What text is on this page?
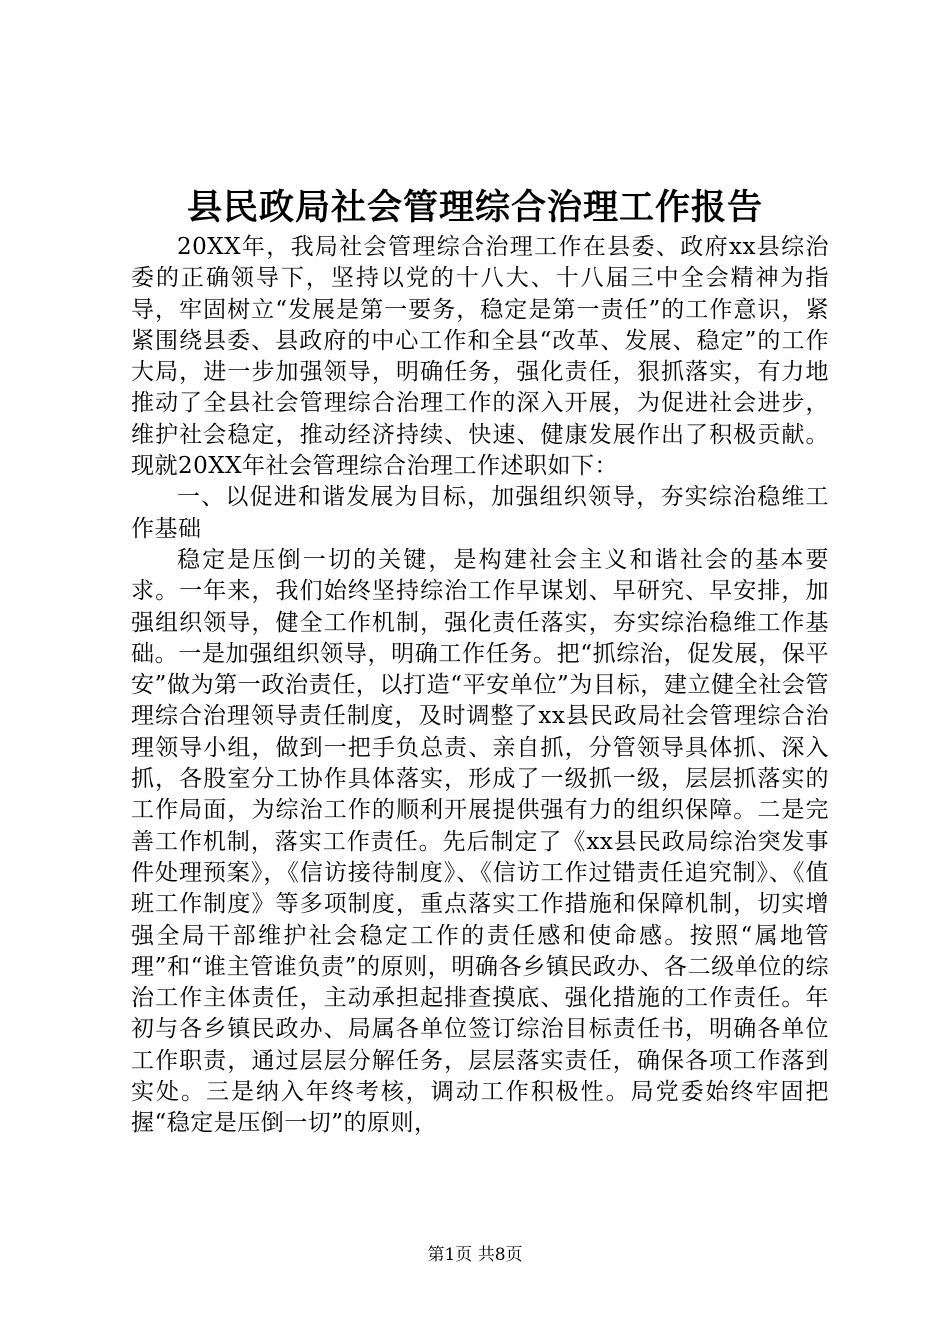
县民政局社会管理综合治理工作报告

20XX年，我局社会管理综合治理工作在县委、政府xx县综治委的正确领导下，坚持以党的十八大、十八届三中全会精神为指导，牢固树立“发展是第一要务，稳定是第一责任”的工作意识，紧紧围绕县委、县政府的中心工作和全县“改革、发展、稳定”的工作大局，进一步加强领导，明确任务，强化责任，狠抓落实，有力地推动了全县社会管理综合治理工作的深入开展，为促进社会进步，维护社会稳定，推动经济持续、快速、健康发展作出了积极贡献。现就20XX年社会管理综合治理工作述职如下：

一、以促进和谐发展为目标，加强组织领导，夯实综治稳维工作基础

稳定是压倒一切的关键，是构建社会主义和谐社会的基本要求。一年来，我们始终坚持综治工作早谋划、早研究、早安排，加强组织领导，健全工作机制，强化责任落实，夯实综治稳维工作基础。一是加强组织领导，明确工作任务。把“抓综治，促发展，保平安”做为第一政治责任，以打造“平安单位”为目标，建立健全社会管理综合治理领导责任制度，及时调整了xx县民政局社会管理综合治理领导小组，做到一把手负总责、亲自抓，分管领导具体抓、深入抓，各股室分工协作具体落实，形成了一级抓一级，层层抓落实的工作局面，为综治工作的顺利开展提供强有力的组织保障。二是完善工作机制，落实工作责任。先后制定了《xx县民政局综治突发事件处理预案》，《信访接待制度》、《信访工作过错责任追究制》、《值班工作制度》等多项制度，重点落实工作措施和保障机制，切实增强全局干部维护社会稳定工作的责任感和使命感。按照“属地管理”和“谁主管谁负责”的原则，明确各乡镇民政办、各二级单位的综治工作主体责任，主动承担起排查摸底、强化措施的工作责任。年初与各乡镇民政办、局属各单位签订综治目标责任书，明确各单位工作职责，通过层层分解任务，层层落实责任，确保各项工作落到实处。三是纳入年终考核，调动工作积极性。局党委始终牢固把握“稳定是压倒一切”的原则，

第1页 共8页
